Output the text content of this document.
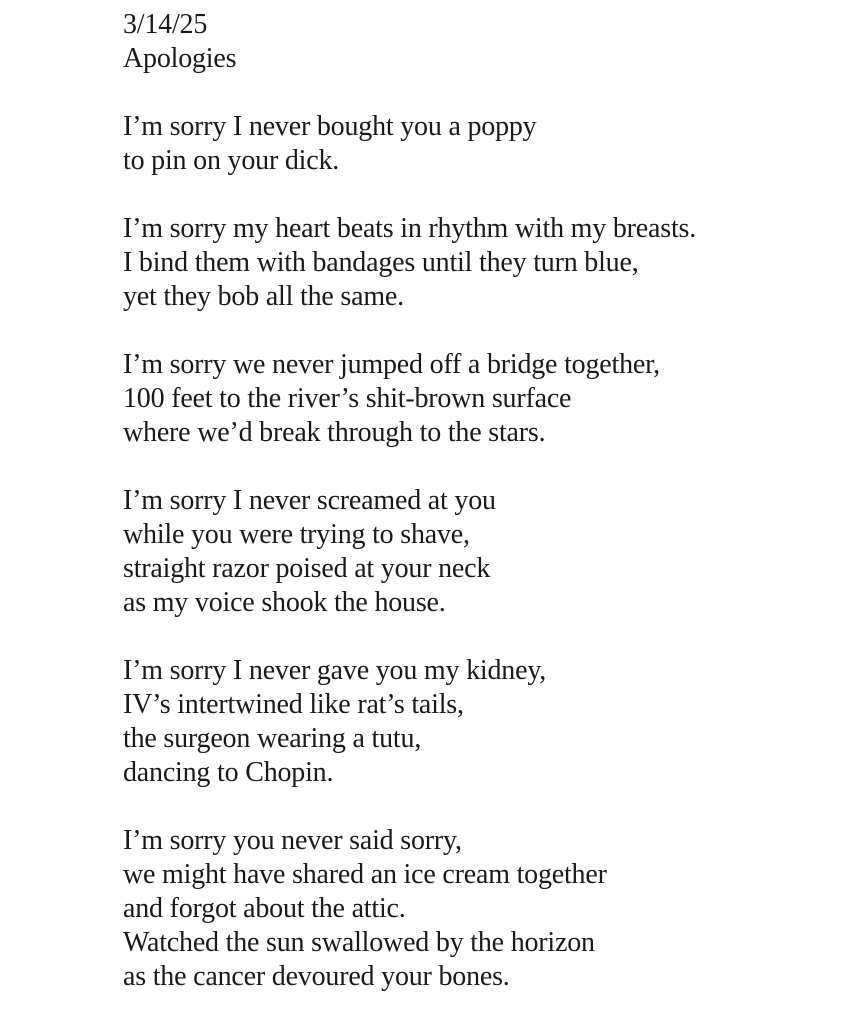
3/14/25
Apologies
I’m sorry I never bought you a poppy
to pin on your dick.
I’m sorry my heart beats in rhythm with my breasts.
I bind them with bandages until they turn blue,
yet they bob all the same.
I’m sorry we never jumped off a bridge together,
100 feet to the river’s shit-brown surface
where we’d break through to the stars.
I’m sorry I never screamed at you
while you were trying to shave,
straight razor poised at your neck
as my voice shook the house.
I’m sorry I never gave you my kidney,
IV’s intertwined like rat’s tails,
the surgeon wearing a tutu,
dancing to Chopin.
I’m sorry you never said sorry,
we might have shared an ice cream together
and forgot about the attic.
Watched the sun swallowed by the horizon
as the cancer devoured your bones.
